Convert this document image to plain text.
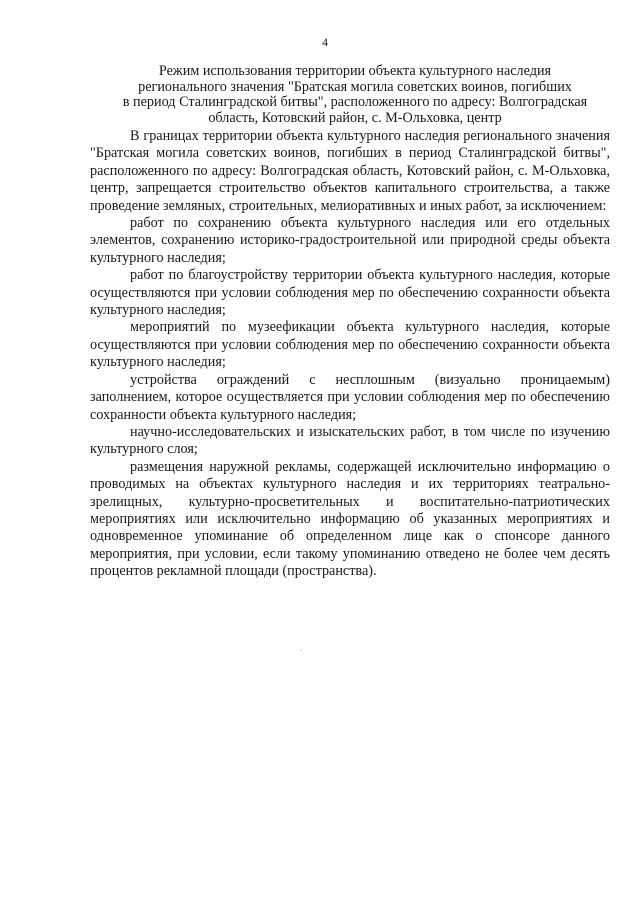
4
Режим использования территории объекта культурного наследия
регионального значения "Братская могила советских воинов, погибших
в период Сталинградской битвы", расположенного по адресу: Волгоградская
область, Котовский район, с. М-Ольховка, центр

В границах территории объекта культурного наследия регионального значения "Братская могила советских воинов, погибших в период Сталинградской битвы", расположенного по адресу: Волгоградская область, Котовский район, с. М-Ольховка, центр, запрещается строительство объектов капитального строительства, а также проведение земляных, строительных, мелиоративных и иных работ, за исключением:

работ по сохранению объекта культурного наследия или его отдельных элементов, сохранению историко-градостроительной или природной среды объекта культурного наследия;

работ по благоустройству территории объекта культурного наследия, которые осуществляются при условии соблюдения мер по обеспечению сохранности объекта культурного наследия;

мероприятий по музеефикации объекта культурного наследия, которые осуществляются при условии соблюдения мер по обеспечению сохранности объекта культурного наследия;

устройства ограждений с несплошным (визуально проницаемым) заполнением, которое осуществляется при условии соблюдения мер по обеспечению сохранности объекта культурного наследия;

научно-исследовательских и изыскательских работ, в том числе по изучению культурного слоя;

размещения наружной рекламы, содержащей исключительно информацию о проводимых на объектах культурного наследия и их территориях театрально-зрелищных, культурно-просветительных и воспитательно-патриотических мероприятиях или исключительно информацию об указанных мероприятиях и одновременное упоминание об определенном лице как о спонсоре данного мероприятия, при условии, если такому упоминанию отведено не более чем десять процентов рекламной площади (пространства).
